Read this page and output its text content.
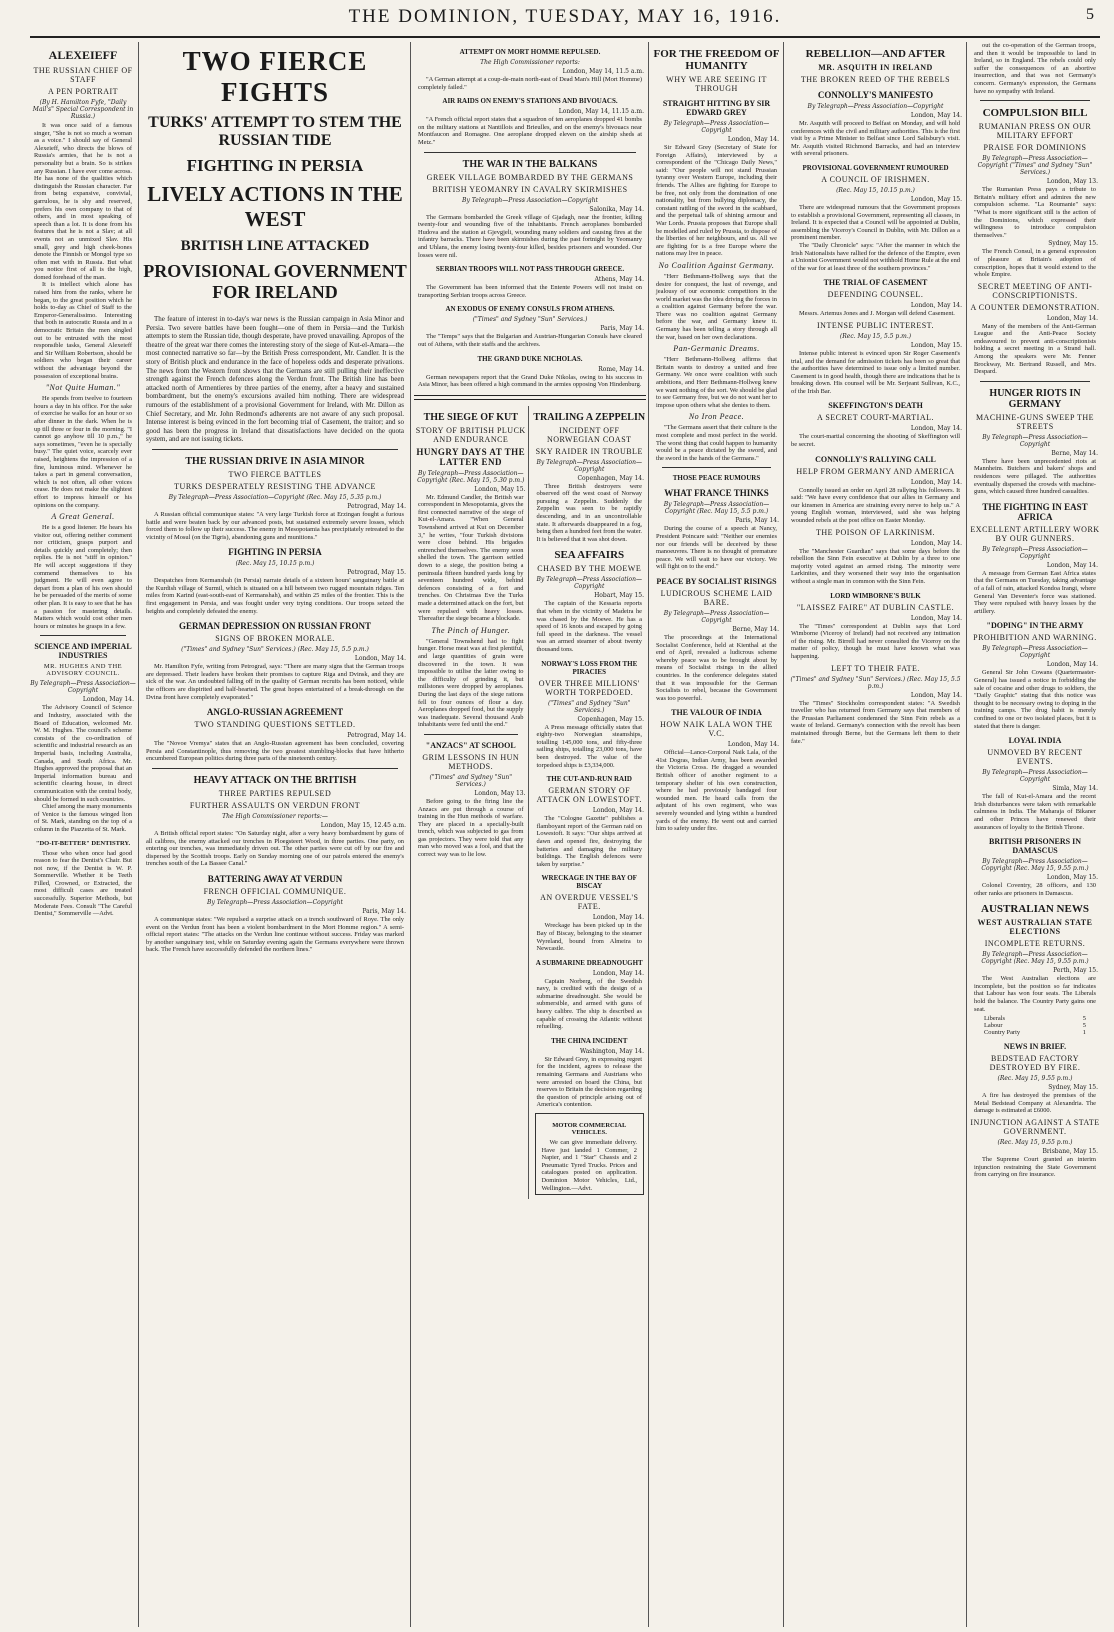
THE DOMINION, TUESDAY, MAY 16, 1916.	5
ALEXEIEFF
THE RUSSIAN CHIEF OF STAFF
A PEN PORTRAIT
(By H. Hamilton Fyfe, "Daily Mail's" Special Correspondent in Russia.)

It was once said of a famous singer, "She is not so much a woman as a voice." I should say of General Alexeieff, who directs the blows of Russia's armies, that he is not a personality but a brain. So is strikes any Russian. I have ever come across. He has none of the qualities which distinguish the Russian character. Far from being expansive, convivial, garrulous, he is shy and reserved, prefers his own company to that of others, and in most speaking of speech than a lot. It is done from his features that he is not a Slav; at all events not an unmixed Slav. His small, grey and high cheek-bones denote the Finnish or Mongol type so often met with in Russia. But what you notice first of all is the high, domed forehead of the man.

It is intellect which alone has raised him from the ranks, where he began, to the great position which he holds to-day as Chief of Staff to the Emperor-Generalissimo. Interesting that both in autocratic Russia and in a democratic Britain the men singled out to be entrusted with the most responsible tasks, General Alexeieff and Sir William Robertson, should be soldiers who began their career without the advantage beyond the possession of exceptional brains.

"Not Quite Human."

He spends from twelve to fourteen hours a day in his office. For the sake of exercise he walks for an hour or so after dinner in the dark. When he is up till three or four in the morning. "I cannot go anyhow till 10 p.m.," he says sometimes, "even he is specially busy." The quiet voice, scarcely ever raised, heightens the impression of a fine, luminous mind. Whenever he takes a part in general conversation, which is not often, all other voices cease. He does not make the slightest effort to impress himself or his opinions on the company.

A Great General.

He is a good listener. He hears his visitor out, offering neither comment nor criticism, grasps purport and details quickly and completely; then replies. He is not "stiff in opinion." He will accept suggestions if they commend themselves to his judgment. He will even agree to depart from a plan of his own should he be persuaded of the merits of some other plan. It is easy to see that he has a passion for mastering details. Matters which would cost other men hours or minutes he grasps in a few.

SCIENCE AND IMPERIAL INDUSTRIES
MR. HUGHES AND THE ADVISORY COUNCIL.
By Telegraph—Press Association—Copyright
London, May 14.

The Advisory Council of Science and Industry, associated with the Board of Education, welcomed Mr. W. M. Hughes. The council's scheme consists of the co-ordination of scientific and industrial research as an Imperial basis, including Australia, Canada, and South Africa. Mr. Hughes approved the proposal that an Imperial information bureau and scientific clearing house, in direct communication with the central body, should be formed in such countries.

Chief among the many monuments of Venice is the famous winged lion of St. Mark, standing on the top of a column in the Piazzetta of St. Mark.

"DO-IT-BETTER" DENTISTRY.

Those who when once had good reason to fear the Dentist's Chair. But not now, if the Dentist is W. P. Sommerville. Whether it be Teeth Filled, Crowned, or Extracted, the most difficult cases are treated successfully. Superior Methods, but Moderate Fees. Consult "The Careful Dentist," Sommerville —Advt.

TWO FIERCE FIGHTS
TURKS' ATTEMPT TO STEM THE RUSSIAN TIDE
FIGHTING IN PERSIA
LIVELY ACTIONS IN THE WEST
BRITISH LINE ATTACKED
PROVISIONAL GOVERNMENT FOR IRELAND

The feature of interest in to-day's war news is the Russian campaign in Asia Minor and Persia. Two severe battles have been fought—one of them in Persia—and the Turkish attempts to stem the Russian tide, though desperate, have proved unavailing. Apropos of the theatre of the great war there comes the interesting story of the siege of Kut-el-Amara—the most connected narrative so far—by the British Press correspondent, Mr. Candler. It is the story of British pluck and endurance in the face of hopeless odds and desperate privations. The news from the Western front shows that the Germans are still pulling their ineffective strength against the French defences along the Verdun front. The British line has been attacked north of Armentieres by three parties of the enemy, after a heavy and sustained bombardment, but the enemy's excursions availed him nothing. There are widespread rumours of the establishment of a provisional Government for Ireland, with Mr. Dillon as Chief Secretary, and Mr. John Redmond's adherents are not aware of any such proposal. Intense interest is being evinced in the fort becoming trial of Casement, the traitor; and so good has been the progress in Ireland that dissatisfactions have decided on the quota system, and are not issuing tickets.

THE RUSSIAN DRIVE IN ASIA MINOR
TWO FIERCE BATTLES
TURKS DESPERATELY RESISTING THE ADVANCE
By Telegraph—Press Association—Copyright (Rec. May 15, 5.35 p.m.)
Petrograd, May 14.

A Russian official communique states: "A very large Turkish force at Erzingan fought a furious battle and were beaten back by our advanced posts, but sustained extremely severe losses, which forced them to follow up their success. The enemy in Mesopotamia has precipitately retreated to the vicinity of Mosul (on the Tigris), abandoning guns and munitions."

FIGHTING IN PERSIA
(Rec. May 15, 10.15 p.m.)
Petrograd, May 15.

Despatches from Kermanshah (in Persia) narrate details of a sixteen hours' sanguinary battle at the Kurdish village of Surmil, which is situated on a hill between two rugged mountain ridges. Ten miles from Karind (east-south-east of Kermanshah), and within 25 miles of the frontier. This is the first engagement in Persia, and was fought under very trying conditions. Our troops seized the heights and completely defeated the enemy.

GERMAN DEPRESSION ON RUSSIAN FRONT
SIGNS OF BROKEN MORALE.
("Times" and Sydney "Sun" Services.) (Rec. May 15, 5.5 p.m.)
London, May 14.

Mr. Hamilton Fyfe, writing from Petrograd, says: "There are many signs that the German troops are depressed. Their leaders have broken their promises to capture Riga and Dvinsk, and they are sick of the war. An undoubted falling off in the quality of German recruits has been noticed, while the officers are dispirited and half-hearted. The great hopes entertained of a break-through on the Dvina front have completely evaporated."

ANGLO-RUSSIAN AGREEMENT
TWO STANDING QUESTIONS SETTLED.
Petrograd, May 14.

The "Novoe Vremya" states that an Anglo-Russian agreement has been concluded, covering Persia and Constantinople, thus removing the two greatest stumbling-blocks that have hitherto encumbered European politics during three parts of the nineteenth century.

HEAVY ATTACK ON THE BRITISH
THREE PARTIES REPULSED
FURTHER ASSAULTS ON VERDUN FRONT
The High Commissioner reports:—
London, May 15, 12.45 a.m.

A British official report states: "On Saturday night, after a very heavy bombardment by guns of all calibres, the enemy attacked our trenches in Ploegsteert Wood, in three parties. One party, on entering our trenches, was immediately driven out. The other parties were cut off by our fire and dispersed by the Scottish troops. Early on Sunday morning one of our patrols entered the enemy's trenches south of the La Bassee Canal."

BATTERING AWAY AT VERDUN
FRENCH OFFICIAL COMMUNIQUE.
By Telegraph—Press Association—Copyright
Paris, May 14.

A communique states: "We repulsed a surprise attack on a trench southward of Roye. The only event on the Verdun front has been a violent bombardment in the Mort Homme region." A semi-official report states: "The attacks on the Verdun line continue without success. Friday was marked by another sanguinary test, while on Saturday evening again the Germans everywhere were thrown back. The French have successfully defended the northern lines."

ATTEMPT ON MORT HOMME REPULSED.
The High Commissioner reports:
London, May 14, 11.5 a.m.

"A German attempt at a coup-de-main north-east of Dead Man's Hill (Mort Homme) completely failed."

AIR RAIDS ON ENEMY'S STATIONS AND BIVOUACS.
London, May 14, 11.15 a.m.

"A French official report states that a squadron of ten aeroplanes dropped 41 bombs on the military stations at Nantillois and Brieulles, and on the enemy's bivouacs near Montfaucon and Romagne. One aeroplane dropped eleven on the airship sheds at Metz."

THE WAR IN THE BALKANS
GREEK VILLAGE BOMBARDED BY THE GERMANS
BRITISH YEOMANRY IN CAVALRY SKIRMISHES
By Telegraph—Press Association—Copyright
Salonika, May 14.

The Germans bombarded the Greek village of Gjadagh, near the frontier, killing twenty-four and wounding five of the inhabitants. French aeroplanes bombarded Hudova and the station at Gjevgjeli, wounding many soldiers and causing fires at the infantry barracks. There have been skirmishes during the past fortnight by Yeomanry and Uhlans, the enemy losing twenty-four killed, besides prisoners and wounded. Our losses were nil.

SERBIAN TROOPS WILL NOT PASS THROUGH GREECE.
Athens, May 14.

The Government has been informed that the Entente Powers will not insist on transporting Serbian troops across Greece.

AN EXODUS OF ENEMY CONSULS FROM ATHENS.
("Times" and Sydney "Sun" Services.)
Paris, May 14.

The "Temps" says that the Bulgarian and Austrian-Hungarian Consuls have cleared out of Athens, with their staffs and the archives.

THE GRAND DUKE NICHOLAS.
Rome, May 14.

German newspapers report that the Grand Duke Nikolas, owing to his success in Asia Minor, has been offered a high command in the armies opposing Von Hindenburg.

THE SIEGE OF KUT
STORY OF BRITISH PLUCK AND ENDURANCE
HUNGRY DAYS AT THE LATTER END
By Telegraph—Press Association—Copyright (Rec. May 15, 5.30 p.m.)
London, May 15.

Mr. Edmund Candler, the British war correspondent in Mesopotamia, gives the first connected narrative of the siege of Kut-el-Amara. "When General Townshend arrived at Kut on December 3," he writes, "four Turkish divisions were close behind. His brigades entrenched themselves. The enemy soon shelled the town. The garrison settled down to a siege, the position being a peninsula fifteen hundred yards long by seventeen hundred wide, behind defences consisting of a fort and trenches. On Christmas Eve the Turks made a determined attack on the fort, but were repulsed with heavy losses. Thereafter the siege became a blockade.

The Pinch of Hunger.

"General Townshend had to fight hunger. Horse meat was at first plentiful, and large quantities of grain were discovered in the town. It was impossible to utilise the latter owing to the difficulty of grinding it, but millstones were dropped by aeroplanes. During the last days of the siege rations fell to four ounces of flour a day. Aeroplanes dropped food, but the supply was inadequate. Several thousand Arab inhabitants were fed until the end."

"ANZACS" AT SCHOOL
GRIM LESSONS IN HUN METHODS.
("Times" and Sydney "Sun" Services.)
London, May 13.

Before going to the firing line the Anzacs are put through a course of training in the Hun methods of warfare. They are placed in a specially-built trench, which was subjected to gas from gas projectors. They were told that any man who moved was a fool, and that the correct way was to lie low.

TRAILING A ZEPPELIN
INCIDENT OFF NORWEGIAN COAST
SKY RAIDER IN TROUBLE
By Telegraph—Press Association—Copyright
Copenhagen, May 14.

Three British destroyers were observed off the west coast of Norway pursuing a Zeppelin. Suddenly the Zeppelin was seen to be rapidly descending, and in an uncontrollable state. It afterwards disappeared in a fog, being then a hundred feet from the water. It is believed that it was shot down.

SEA AFFAIRS
CHASED BY THE MOEWE
By Telegraph—Press Association—Copyright
Hobart, May 15.

The captain of the Kessaria reports that when in the vicinity of Madeira he was chased by the Moewe. He has a speed of 16 knots and escaped by going full speed in the darkness. The vessel was an armed steamer of about twenty thousand tons.

NORWAY'S LOSS FROM THE PIRACIES
OVER THREE MILLIONS' WORTH TORPEDOED.
("Times" and Sydney "Sun" Services.)
Copenhagen, May 15.

A Press message officially states that eighty-two Norwegian steamships, totalling 145,000 tons, and fifty-three sailing ships, totalling 23,000 tons, have been destroyed. The value of the torpedoed ships is £3,334,000.

THE CUT-AND-RUN RAID
GERMAN STORY OF ATTACK ON LOWESTOFT.
London, May 14.

The "Cologne Gazette" publishes a flamboyant report of the German raid on Lowestoft. It says: "Our ships arrived at dawn and opened fire, destroying the batteries and damaging the military buildings. The English defences were taken by surprise."

WRECKAGE IN THE BAY OF BISCAY
AN OVERDUE VESSEL'S FATE.
London, May 14.

Wreckage has been picked up in the Bay of Biscay, belonging to the steamer Wyreland, bound from Almeira to Newcastle.

A SUBMARINE DREADNOUGHT
London, May 14.

Captain Norberg, of the Swedish navy, is credited with the design of a submarine dreadnought. She would be submersible, and armed with guns of heavy calibre. The ship is described as capable of crossing the Atlantic without refuelling.

THE CHINA INCIDENT
Washington, May 14.

Sir Edward Grey, in expressing regret for the incident, agrees to release the remaining Germans and Austrians who were arrested on board the China, but reserves to Britain the decision regarding the question of principle arising out of America's contention.

MOTOR COMMERCIAL VEHICLES.

We can give immediate delivery. Have just landed 1 Commer, 2 Napier, and 1 "Star" Chassis and 2 Pneumatic Tyred Trucks. Prices and catalogues posted on application. Dominion Motor Vehicles, Ltd., Wellington.—Advt.

FOR THE FREEDOM OF HUMANITY
WHY WE ARE SEEING IT THROUGH
STRAIGHT HITTING BY SIR EDWARD GREY
By Telegraph—Press Association—Copyright
London, May 14.

Sir Edward Grey (Secretary of State for Foreign Affairs), interviewed by a correspondent of the "Chicago Daily News," said: "Our people will not stand Prussian tyranny over Western Europe, including their friends. The Allies are fighting for Europe to be free, not only from the domination of one nationality, but from bullying diplomacy, the constant rattling of the sword in the scabbard, and the perpetual talk of shining armour and War Lords. Prussia proposes that Europe shall be modelled and ruled by Prussia, to dispose of the liberties of her neighbours, and us. All we are fighting for is a free Europe where the nations may live in peace.

No Coalition Against Germany.

"Herr Bethmann-Hollweg says that the desire for conquest, the lust of revenge, and jealousy of our economic competitors in the world market was the idea driving the forces in a coalition against Germany before the war. There was no coalition against Germany before the war, and Germany knew it. Germany has been telling a story through all the war, based on her own declarations.

Pan-Germanic Dreams.

"Herr Bethmann-Hollweg affirms that Britain wants to destroy a united and free Germany. We once were coalition with such ambitions, and Herr Bethmann-Hollweg knew we want nothing of the sort. We should be glad to see Germany free, but we do not want her to impose upon others what she denies to them.

No Iron Peace.

"The Germans assert that their culture is the most complete and most perfect in the world. The worst thing that could happen to humanity would be a peace dictated by the sword, and the sword in the hands of the Germans."

THOSE PEACE RUMOURS
WHAT FRANCE THINKS
By Telegraph—Press Association—Copyright (Rec. May 15, 5.5 p.m.)
Paris, May 14.

During the course of a speech at Nancy, President Poincare said: "Neither our enemies nor our friends will be deceived by these manoeuvres. There is no thought of premature peace. We will wait to have our victory. We will fight on to the end."

PEACE BY SOCIALIST RISINGS
LUDICROUS SCHEME LAID BARE.
By Telegraph—Press Association—Copyright
Berne, May 14.

The proceedings at the International Socialist Conference, held at Kienthal at the end of April, revealed a ludicrous scheme whereby peace was to be brought about by means of Socialist risings in the allied countries. In the conference delegates stated that it was impossible for the German Socialists to rebel, because the Government was too powerful.

THE VALOUR OF INDIA
HOW NAIK LALA WON THE V.C.
London, May 14.

Official—Lance-Corporal Naik Lala, of the 41st Dogras, Indian Army, has been awarded the Victoria Cross. He dragged a wounded British officer of another regiment to a temporary shelter of his own construction, where he had previously bandaged four wounded men. He heard calls from the adjutant of his own regiment, who was severely wounded and lying within a hundred yards of the enemy. He went out and carried him to safety under fire.

REBELLION—AND AFTER
MR. ASQUITH IN IRELAND
THE BROKEN REED OF THE REBELS
CONNOLLY'S MANIFESTO
By Telegraph—Press Association—Copyright
London, May 14.

Mr. Asquith will proceed to Belfast on Monday, and will hold conferences with the civil and military authorities. This is the first visit by a Prime Minister to Belfast since Lord Salisbury's visit. Mr. Asquith visited Richmond Barracks, and had an interview with several prisoners.

PROVISIONAL GOVERNMENT RUMOURED
A COUNCIL OF IRISHMEN.
(Rec. May 15, 10.15 p.m.)
London, May 15.

There are widespread rumours that the Government proposes to establish a provisional Government, representing all classes, in Ireland. It is expected that a Council will be appointed at Dublin, assembling the Viceroy's Council in Dublin, with Mr. Dillon as a prominent member.

The "Daily Chronicle" says: "After the manner in which the Irish Nationalists have rallied for the defence of the Empire, even a Unionist Government would not withhold Home Rule at the end of the war for at least three of the southern provinces."

THE TRIAL OF CASEMENT
DEFENDING COUNSEL.
London, May 14.

Messrs. Artemus Jones and J. Morgan will defend Casement.

INTENSE PUBLIC INTEREST.
(Rec. May 15, 5.5 p.m.)
London, May 15.

Intense public interest is evinced upon Sir Roger Casement's trial, and the demand for admission tickets has been so great that the authorities have determined to issue only a limited number. Casement is in good health, though there are indications that he is breaking down. His counsel will be Mr. Serjeant Sullivan, K.C., of the Irish Bar.

SKEFFINGTON'S DEATH
A SECRET COURT-MARTIAL.
London, May 14.

The court-martial concerning the shooting of Skeffington will be secret.

CONNOLLY'S RALLYING CALL
HELP FROM GERMANY AND AMERICA
London, May 14.

Connolly issued an order on April 28 rallying his followers. It said: "We have every confidence that our allies in Germany and our kinsmen in America are straining every nerve to help us." A young English woman, interviewed, said she was helping wounded rebels at the post office on Easter Monday.

THE POISON OF LARKINISM.
London, May 14.

The "Manchester Guardian" says that some days before the rebellion the Sinn Fein executive at Dublin by a three to one majority voted against an armed rising. The minority were Larkinites, and they worsened their way into the organisation without a single man in common with the Sinn Fein.

LORD WIMBORNE'S BULK
"LAISSEZ FAIRE" AT DUBLIN CASTLE.
London, May 14.

The "Times" correspondent at Dublin says that Lord Wimborne (Viceroy of Ireland) had not received any intimation of the rising. Mr. Birrell had never consulted the Viceroy on the matter of policy, though he must have known what was happening.

LEFT TO THEIR FATE.
("Times" and Sydney "Sun" Services.) (Rec. May 15, 5.5 p.m.)
London, May 14.

The "Times" Stockholm correspondent states: "A Swedish traveller who has returned from Germany says that members of the Prussian Parliament condemned the Sinn Fein rebels as a waste of Ireland. Germany's connection with the revolt has been maintained through Berne, but the Germans left them to their fate."

out the co-operation of the German troops, and then it would be impossible to land in Ireland, so in England. The rebels could only suffer the consequences of an abortive insurrection, and that was not Germany's concern. Germany's expression, the Germans have no sympathy with Ireland.

COMPULSION BILL
RUMANIAN PRESS ON OUR MILITARY EFFORT
PRAISE FOR DOMINIONS
By Telegraph—Press Association—Copyright ("Times" and Sydney "Sun" Services.)
London, May 13.

The Rumanian Press pays a tribute to Britain's military effort and admires the new compulsion scheme. "La Roumanie" says: "What is more significant still is the action of the Dominions, which expressed their willingness to introduce compulsion themselves."

Sydney, May 15.

The French Consul, in a general expression of pleasure at Britain's adoption of conscription, hopes that it would extend to the whole Empire.

SECRET MEETING OF ANTI-CONSCRIPTIONISTS.
A COUNTER DEMONSTRATION.
London, May 14.

Many of the members of the Anti-German League and the Anti-Peace Society endeavoured to prevent anti-conscriptionists holding a secret meeting in a Strand hall. Among the speakers were Mr. Fenner Brockway, Mr. Bertrand Russell, and Mrs. Despard.

HUNGER RIOTS IN GERMANY
MACHINE-GUNS SWEEP THE STREETS
By Telegraph—Press Association—Copyright
Berne, May 14.

There have been unprecedented riots at Mannheim. Butchers and bakers' shops and residences were pillaged. The authorities eventually dispersed the crowds with machine-guns, which caused three hundred casualties.

THE FIGHTING IN EAST AFRICA
EXCELLENT ARTILLERY WORK BY OUR GUNNERS.
By Telegraph—Press Association—Copyright
London, May 14.

A message from German East Africa states that the Germans on Tuesday, taking advantage of a fall of rain, attacked Kondoa Irangi, where General Van Deventer's force was stationed. They were repulsed with heavy losses by the artillery.

"DOPING" IN THE ARMY
PROHIBITION AND WARNING.
By Telegraph—Press Association—Copyright
London, May 14.

General Sir John Cowans (Quartermaster-General) has issued a notice in forbidding the sale of cocaine and other drugs to soldiers, the "Daily Graphic" stating that this notice was thought to be necessary owing to doping in the training camps. The drug habit is merely confined to one or two isolated places, but it is stated that there is danger.

LOYAL INDIA
UNMOVED BY RECENT EVENTS.
By Telegraph—Press Association—Copyright
Simla, May 14.

The fall of Kut-el-Amara and the recent Irish disturbances were taken with remarkable calmness in India. The Maharaja of Bikaner and other Princes have renewed their assurances of loyalty to the British Throne.

BRITISH PRISONERS IN DAMASCUS
By Telegraph—Press Association—Copyright (Rec. May 15, 9.55 p.m.)
London, May 15.

Colonel Coventry, 28 officers, and 130 other ranks are prisoners in Damascus.

AUSTRALIAN NEWS
WEST AUSTRALIAN STATE ELECTIONS
INCOMPLETE RETURNS.
By Telegraph—Press Association—Copyright (Rec. May 15, 9.55 p.m.)
Perth, May 15.

The West Australian elections are incomplete, but the position so far indicates that Labour has won four seats. The Liberals hold the balance. The Country Party gains one seat.

Liberals	5
Labour	5
Country Party	1
NEWS IN BRIEF.
BEDSTEAD FACTORY DESTROYED BY FIRE.
(Rec. May 15, 9.55 p.m.)
Sydney, May 15.

A fire has destroyed the premises of the Metal Bedstead Company at Alexandria. The damage is estimated at £6000.

INJUNCTION AGAINST A STATE GOVERNMENT.
(Rec. May 15, 9.55 p.m.)
Brisbane, May 15.

The Supreme Court granted an interim injunction restraining the State Government from carrying on fire insurance.
